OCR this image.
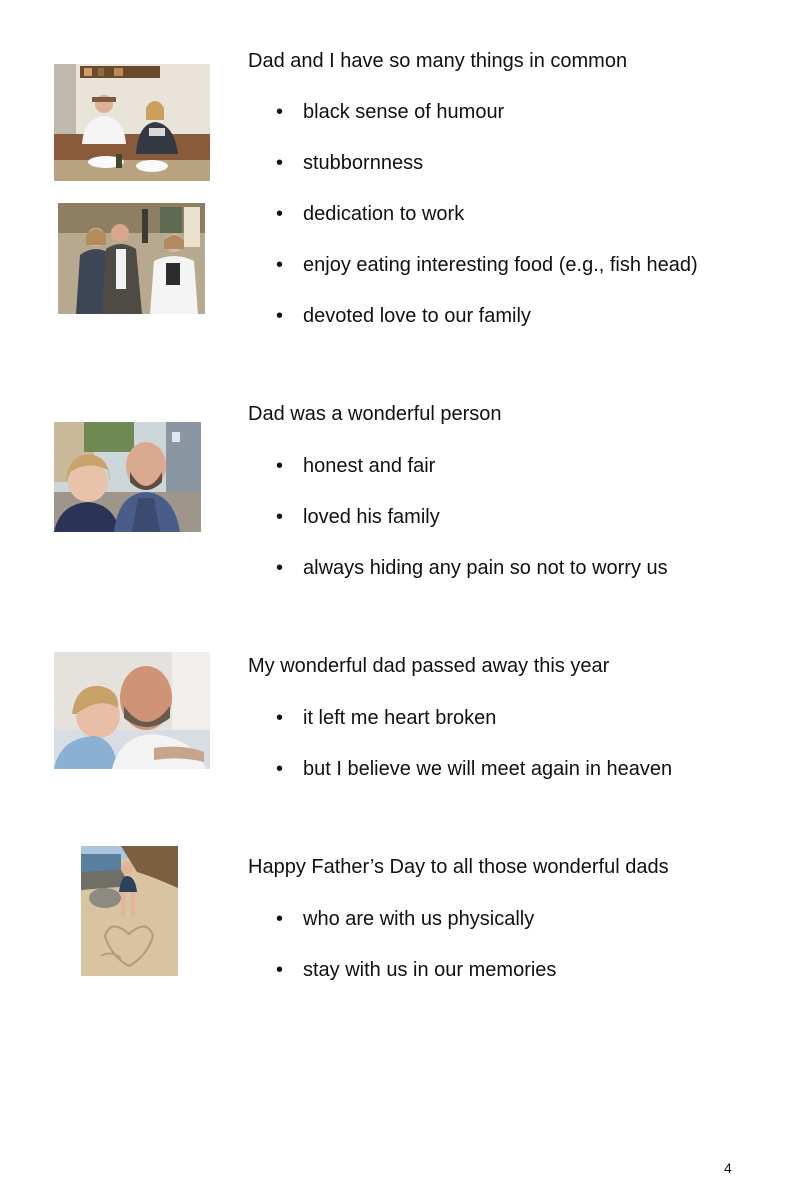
Dad and I have so many things in common
• black sense of humour
• stubbornness
• dedication to work
• enjoy eating interesting food (e.g., fish head)
• devoted love to our family
Dad was a wonderful person
• honest and fair
• loved his family
• always hiding any pain so not to worry us
My wonderful dad passed away this year
• it left me heart broken
• but I believe we will meet again in heaven
Happy Father’s Day to all those wonderful dads
• who are with us physically
• stay with us in our memories
4
